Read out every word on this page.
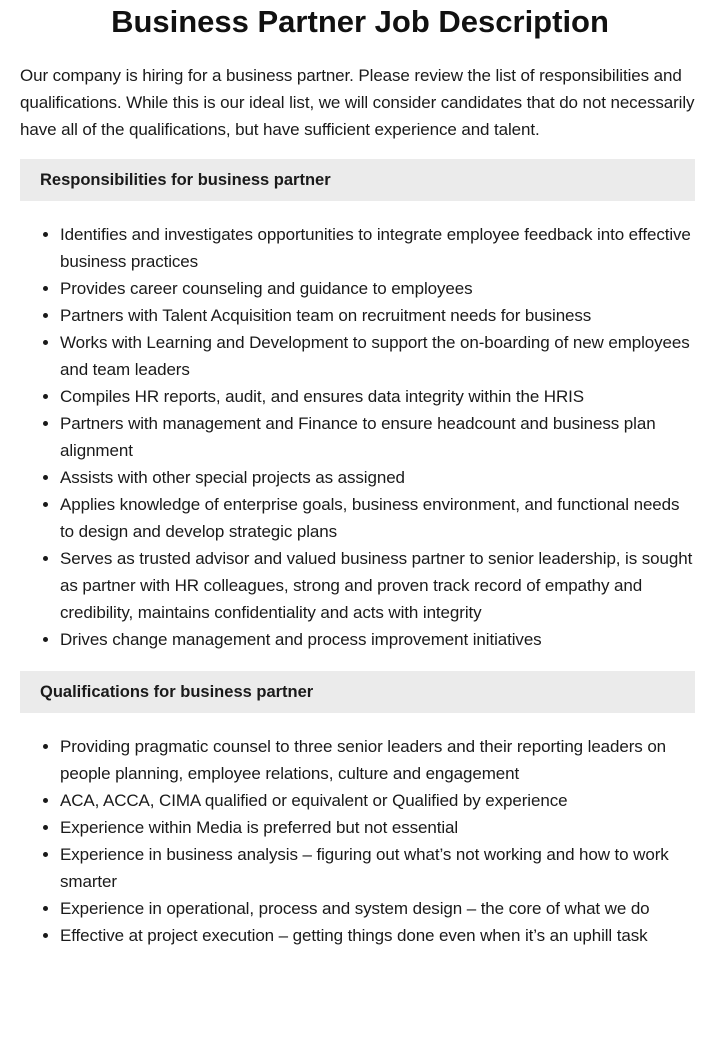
Business Partner Job Description

Our company is hiring for a business partner. Please review the list of responsibilities and qualifications. While this is our ideal list, we will consider candidates that do not necessarily have all of the qualifications, but have sufficient experience and talent.

Responsibilities for business partner
• Identifies and investigates opportunities to integrate employee feedback into effective business practices
• Provides career counseling and guidance to employees
• Partners with Talent Acquisition team on recruitment needs for business
• Works with Learning and Development to support the on-boarding of new employees and team leaders
• Compiles HR reports, audit, and ensures data integrity within the HRIS
• Partners with management and Finance to ensure headcount and business plan alignment
• Assists with other special projects as assigned
• Applies knowledge of enterprise goals, business environment, and functional needs to design and develop strategic plans
• Serves as trusted advisor and valued business partner to senior leadership, is sought as partner with HR colleagues, strong and proven track record of empathy and credibility, maintains confidentiality and acts with integrity
• Drives change management and process improvement initiatives
Qualifications for business partner
• Providing pragmatic counsel to three senior leaders and their reporting leaders on people planning, employee relations, culture and engagement
• ACA, ACCA, CIMA qualified or equivalent or Qualified by experience
• Experience within Media is preferred but not essential
• Experience in business analysis – figuring out what’s not working and how to work smarter
• Experience in operational, process and system design – the core of what we do
• Effective at project execution – getting things done even when it’s an uphill task
